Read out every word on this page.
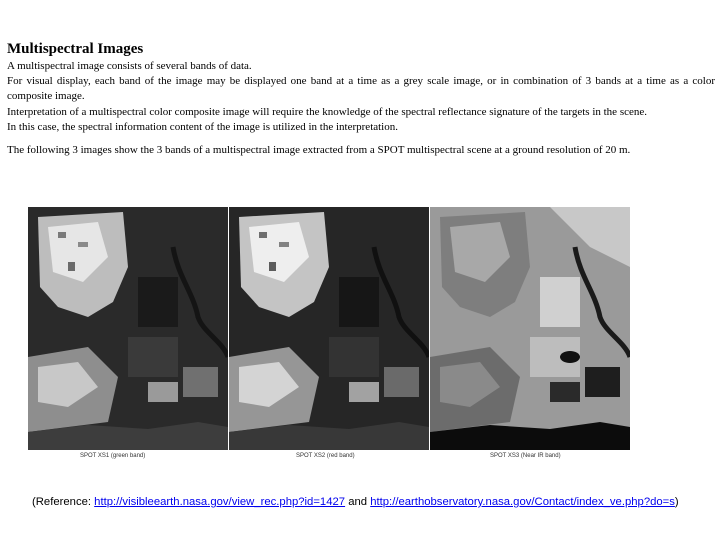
Multispectral Images

A multispectral image consists of several bands of data.

For visual display, each band of the image may be displayed one band at a time as a grey scale image, or in combination of 3 bands at a time as a color composite image.

Interpretation of a multispectral color composite image will require the knowledge of the spectral reflectance signature of the targets in the scene.

In this case, the spectral information content of the image is utilized in the interpretation.

The following 3 images show the 3 bands of a multispectral image extracted from a SPOT multispectral scene at a ground resolution of 20 m.

SPOT XS1 (green band)	SPOT XS2 (red band)	SPOT XS3 (Near IR band)
(Reference: http://visibleearth.nasa.gov/view_rec.php?id=1427 and http://earthobservatory.nasa.gov/Contact/index_ve.php?do=s)
